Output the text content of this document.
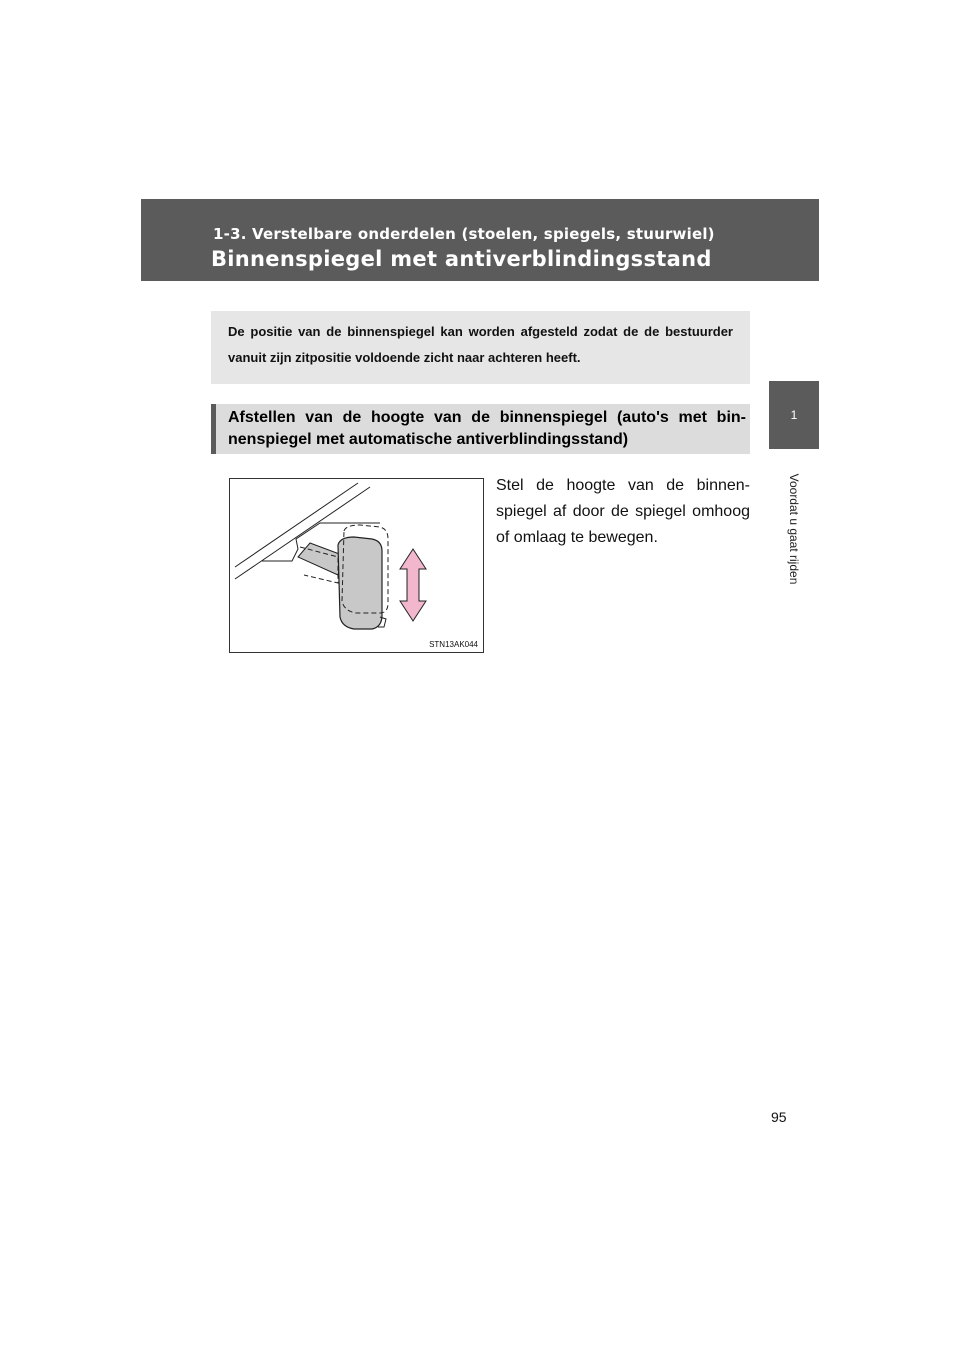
1-3. Verstelbare onderdelen (stoelen, spiegels, stuurwiel)
Binnenspiegel met antiverblindingsstand
1
Voordat u gaat rijden
De positie van de binnenspiegel kan worden afgesteld zodat de de bestuurder vanuit zijn zitpositie voldoende zicht naar achteren heeft.
Afstellen van de hoogte van de binnenspiegel (auto's met bin-nenspiegel met automatische antiverblindingsstand)
STN13AK044
Stel de hoogte van de binnen-spiegel af door de spiegel omhoog of omlaag te bewegen.
95
